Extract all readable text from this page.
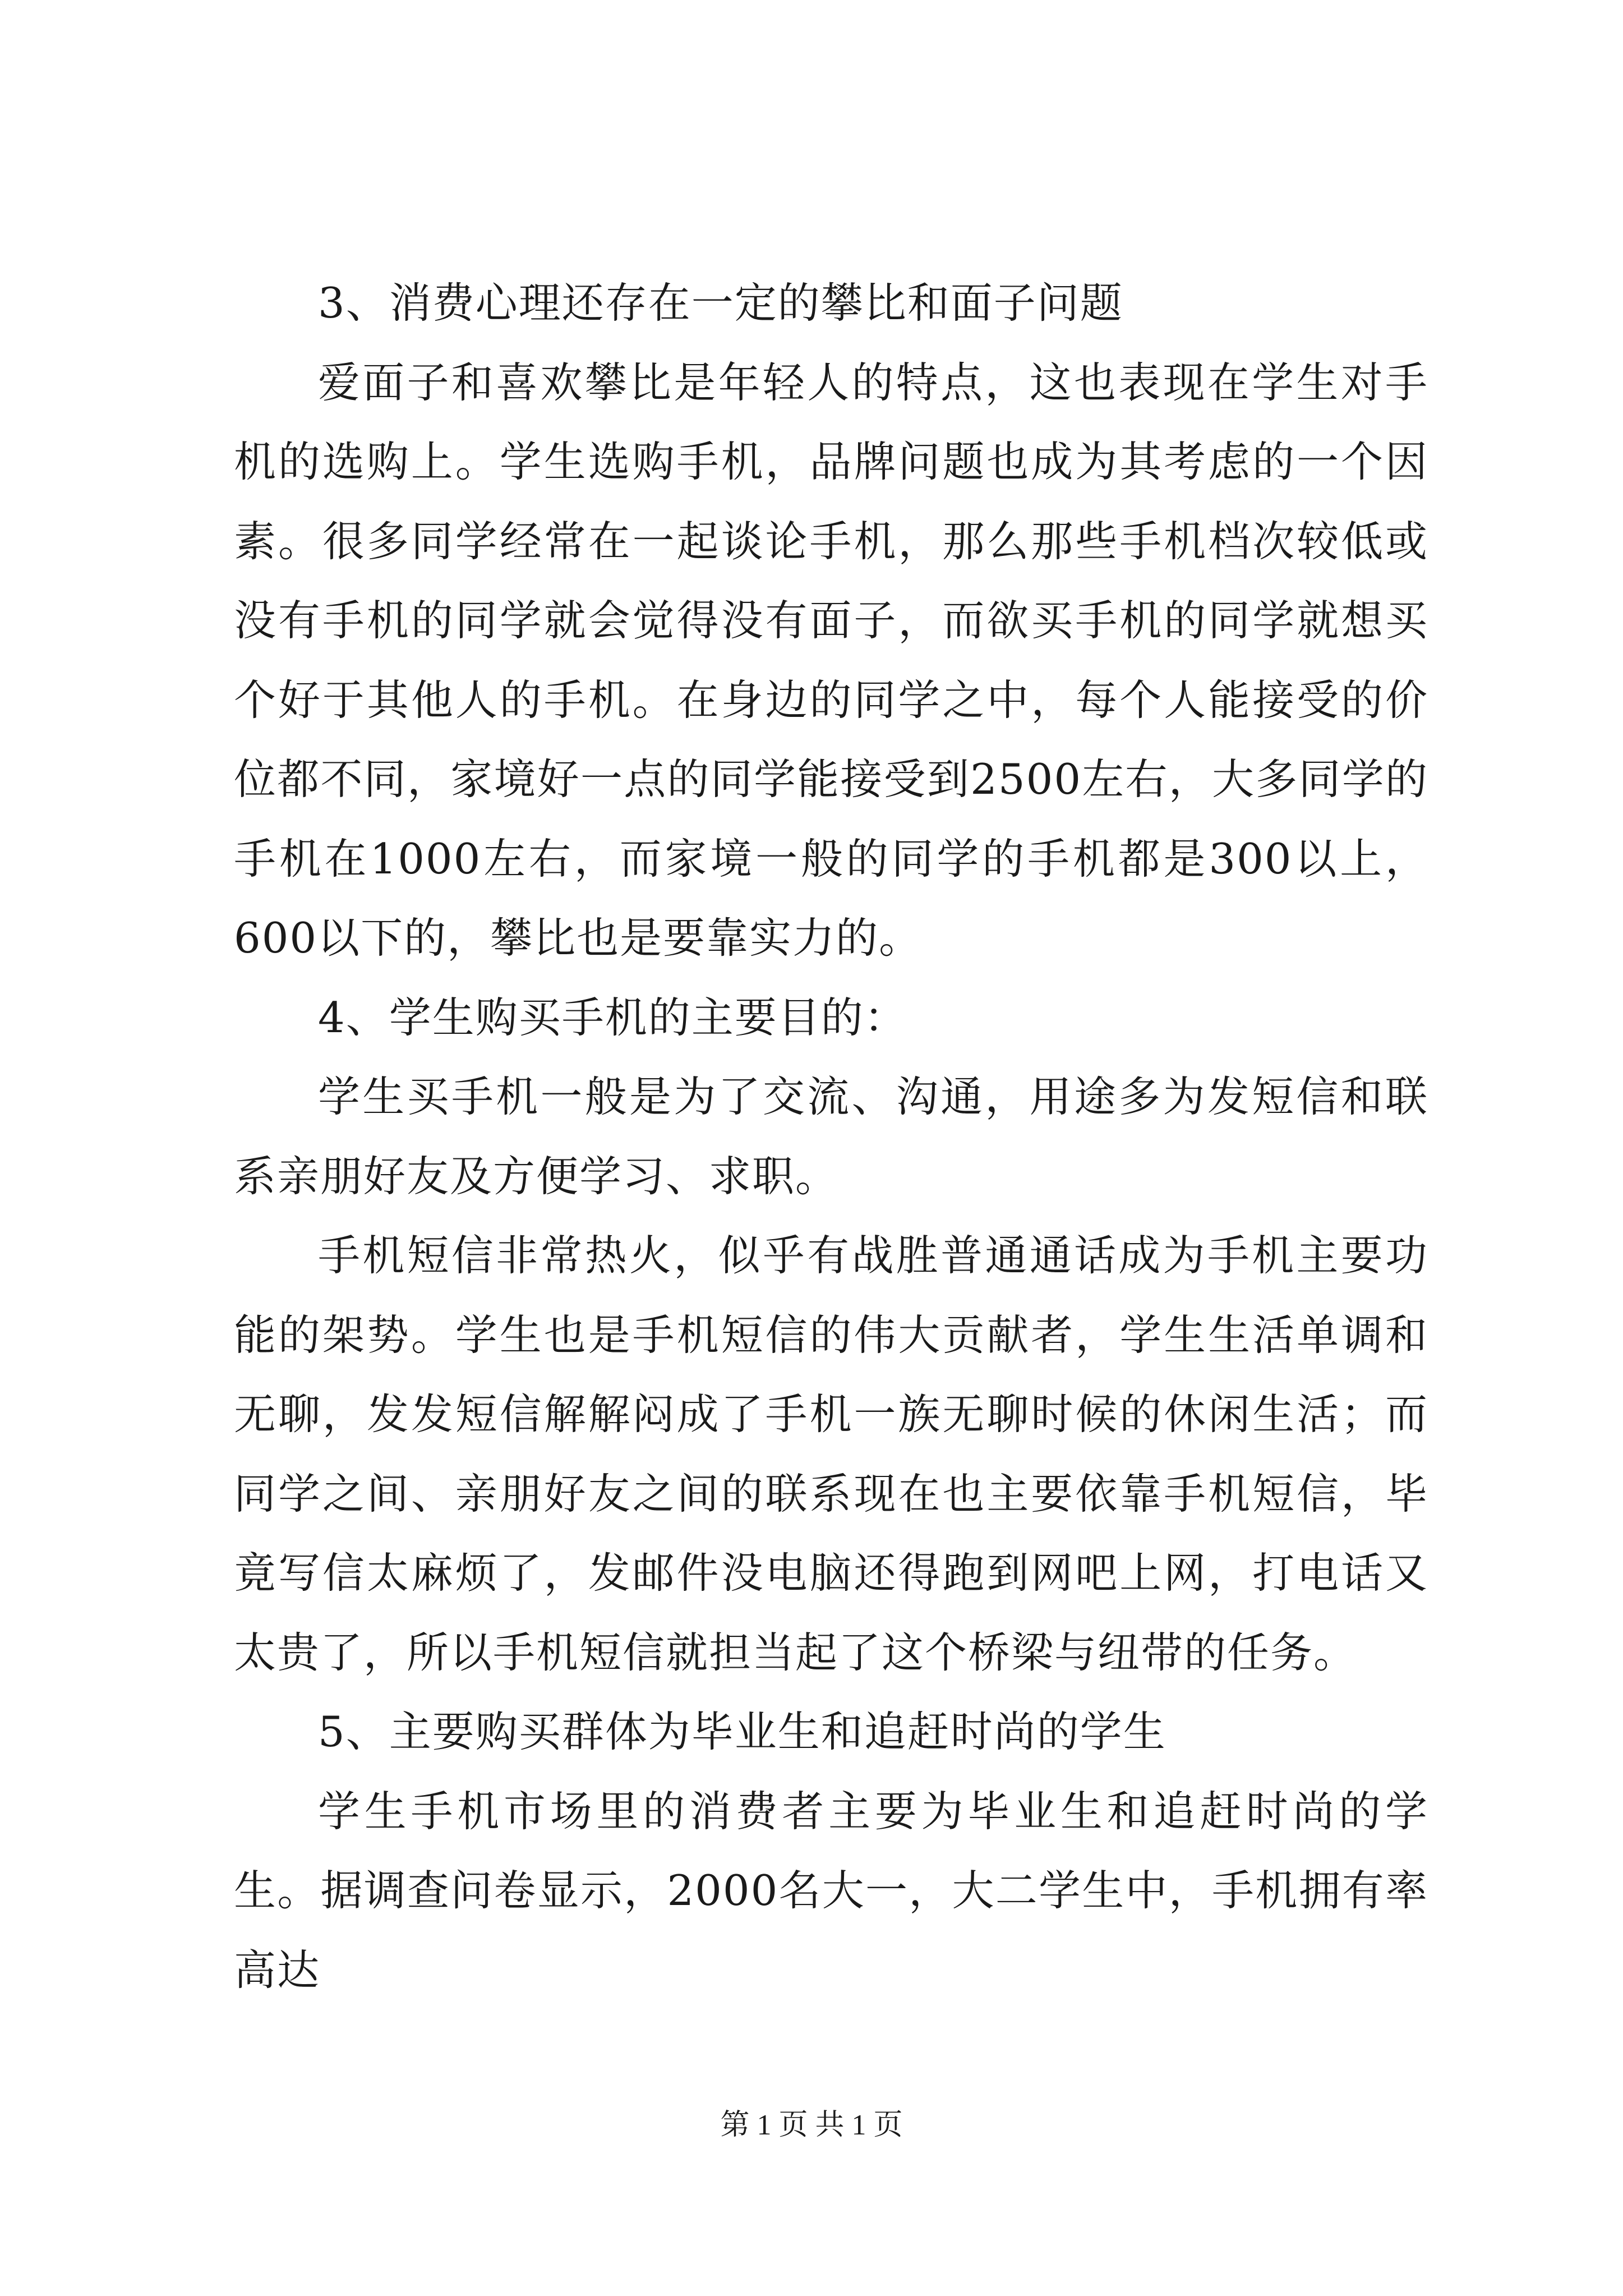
3、消费心理还存在一定的攀比和面子问题

爱面子和喜欢攀比是年轻人的特点，这也表现在学生对手机的选购上。学生选购手机，品牌问题也成为其考虑的一个因素。很多同学经常在一起谈论手机，那么那些手机档次较低或没有手机的同学就会觉得没有面子，而欲买手机的同学就想买个好于其他人的手机。在身边的同学之中，每个人能接受的价位都不同，家境好一点的同学能接受到2500左右，大多同学的手机在1000左右，而家境一般的同学的手机都是300以上，600以下的，攀比也是要靠实力的。

4、学生购买手机的主要目的：

学生买手机一般是为了交流、沟通，用途多为发短信和联系亲朋好友及方便学习、求职。

手机短信非常热火，似乎有战胜普通通话成为手机主要功能的架势。学生也是手机短信的伟大贡献者，学生生活单调和无聊，发发短信解解闷成了手机一族无聊时候的休闲生活；而同学之间、亲朋好友之间的联系现在也主要依靠手机短信，毕竟写信太麻烦了，发邮件没电脑还得跑到网吧上网，打电话又太贵了，所以手机短信就担当起了这个桥梁与纽带的任务。

5、主要购买群体为毕业生和追赶时尚的学生

学生手机市场里的消费者主要为毕业生和追赶时尚的学生。据调查问卷显示，2000名大一，大二学生中，手机拥有率高达

第 1 页 共 1 页
